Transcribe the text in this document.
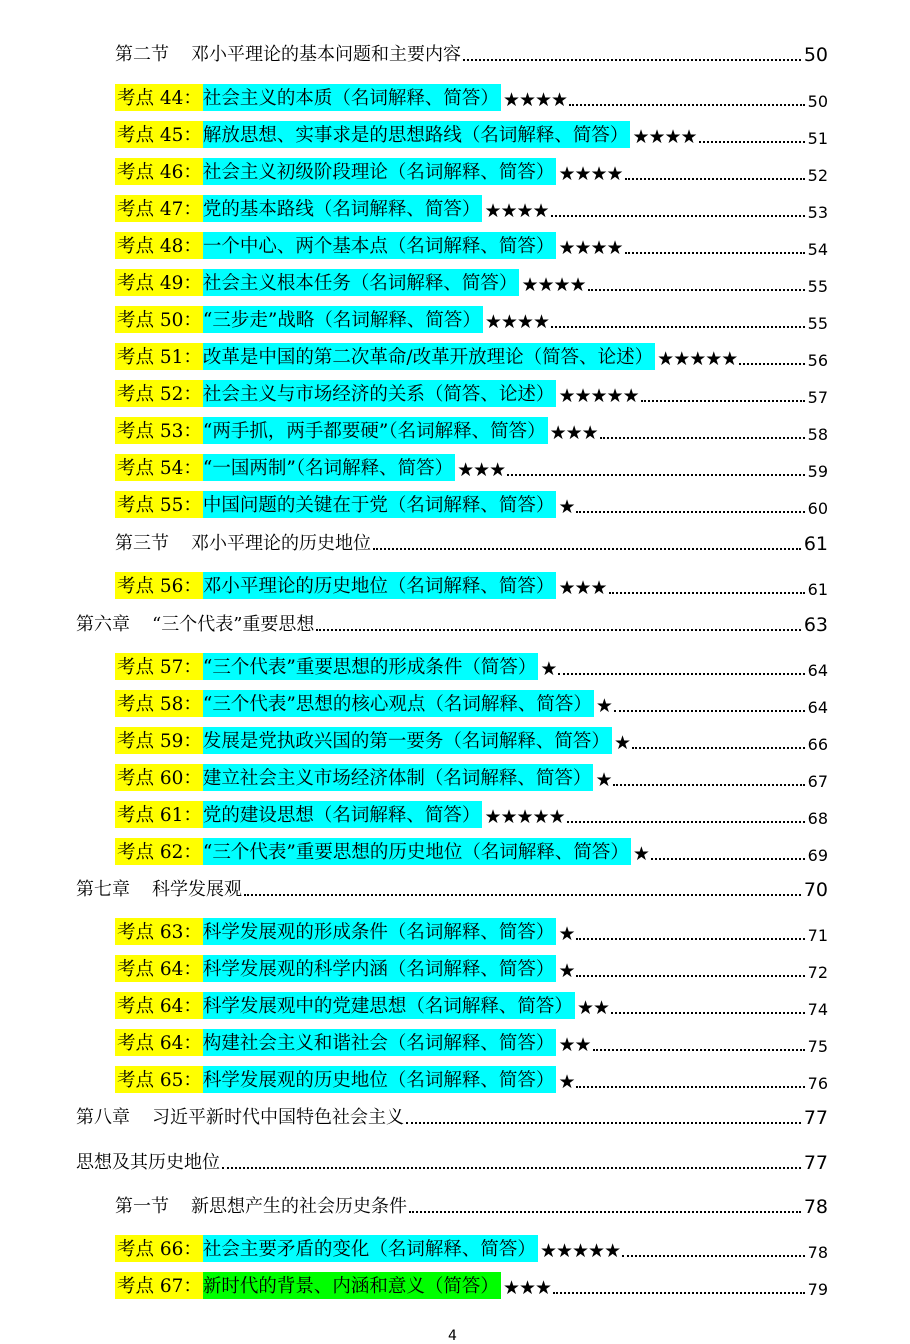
第二节 邓小平理论的基本问题和主要内容	50
考点 44： 社会主义的本质（名词解释、简答） ★★★★	50
考点 45： 解放思想、实事求是的思想路线（名词解释、简答） ★★★★	51
考点 46： 社会主义初级阶段理论（名词解释、简答） ★★★★	52
考点 47： 党的基本路线（名词解释、简答） ★★★★	53
考点 48： 一个中心、两个基本点（名词解释、简答） ★★★★	54
考点 49： 社会主义根本任务（名词解释、简答） ★★★★	55
考点 50： “三步走”战略（名词解释、简答） ★★★★	55
考点 51： 改革是中国的第二次革命/改革开放理论（简答、论述） ★★★★★	56
考点 52： 社会主义与市场经济的关系（简答、论述） ★★★★★	57
考点 53： “两手抓，两手都要硬”（名词解释、简答） ★★★	58
考点 54： “一国两制”（名词解释、简答） ★★★	59
考点 55： 中国问题的关键在于党（名词解释、简答） ★	60
第三节 邓小平理论的历史地位	61
考点 56： 邓小平理论的历史地位（名词解释、简答） ★★★	61
第六章 “三个代表”重要思想	63
考点 57： “三个代表”重要思想的形成条件（简答） ★	64
考点 58： “三个代表”思想的核心观点（名词解释、简答） ★	64
考点 59： 发展是党执政兴国的第一要务（名词解释、简答） ★	66
考点 60： 建立社会主义市场经济体制（名词解释、简答） ★	67
考点 61： 党的建设思想（名词解释、简答） ★★★★★	68
考点 62： “三个代表”重要思想的历史地位（名词解释、简答） ★	69
第七章 科学发展观	70
考点 63： 科学发展观的形成条件（名词解释、简答） ★	71
考点 64： 科学发展观的科学内涵（名词解释、简答） ★	72
考点 64： 科学发展观中的党建思想（名词解释、简答） ★★	74
考点 64： 构建社会主义和谐社会（名词解释、简答） ★★	75
考点 65： 科学发展观的历史地位（名词解释、简答） ★	76
第八章 习近平新时代中国特色社会主义	77
思想及其历史地位	77
第一节 新思想产生的社会历史条件	78
考点 66： 社会主要矛盾的变化（名词解释、简答） ★★★★★	78
考点 67： 新时代的背景、内涵和意义（简答） ★★★	79
4
